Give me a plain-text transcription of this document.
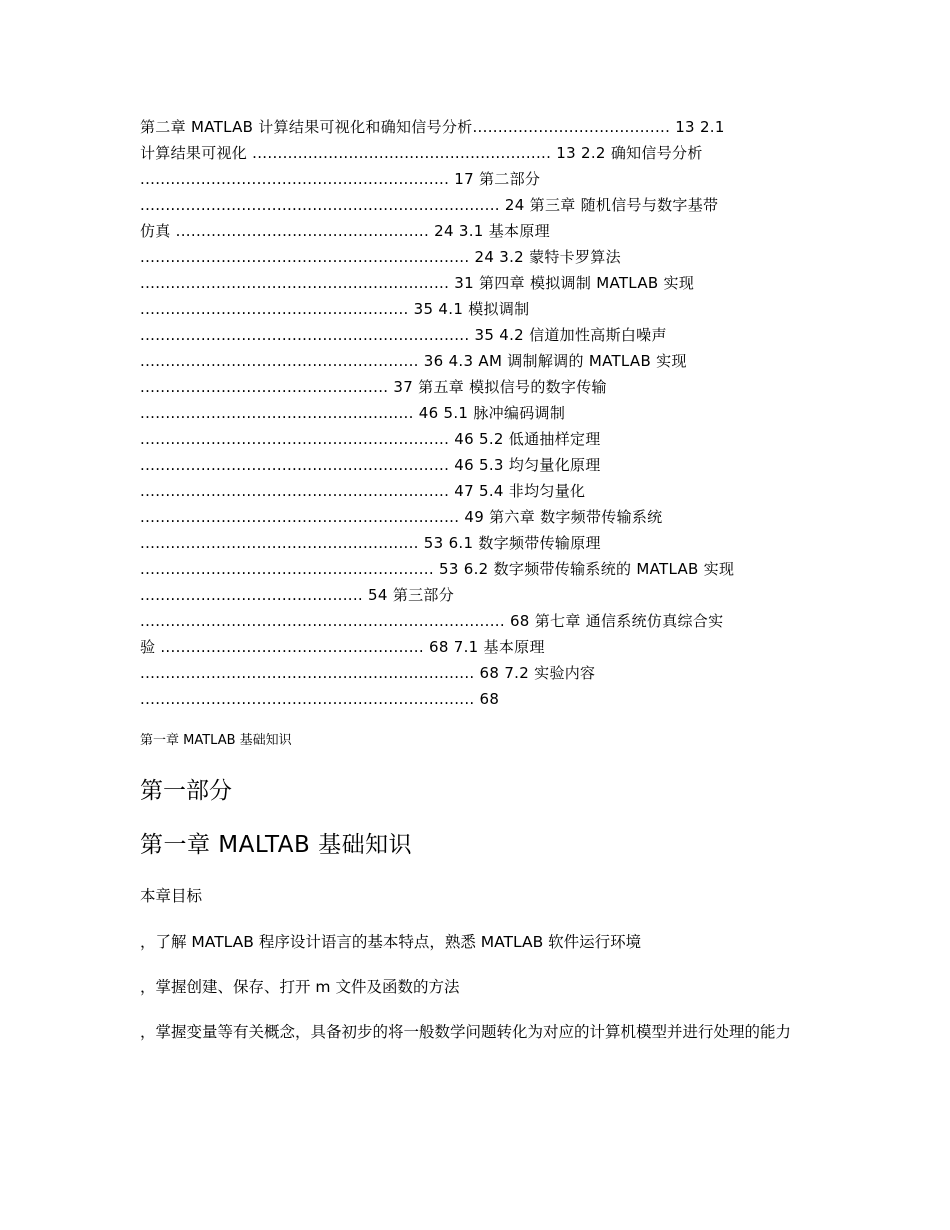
第二章 MATLAB 计算结果可视化和确知信号分析....................................... 13 2.1
计算结果可视化 ........................................................... 13 2.2 确知信号分析
............................................................. 17 第二部分
....................................................................... 24 第三章 随机信号与数字基带
仿真 .................................................. 24 3.1 基本原理
................................................................. 24 3.2 蒙特卡罗算法
............................................................. 31 第四章 模拟调制 MATLAB 实现
..................................................... 35 4.1 模拟调制
................................................................. 35 4.2 信道加性高斯白噪声
....................................................... 36 4.3 AM 调制解调的 MATLAB 实现
................................................. 37 第五章 模拟信号的数字传输
...................................................... 46 5.1 脉冲编码调制
............................................................. 46 5.2 低通抽样定理
............................................................. 46 5.3 均匀量化原理
............................................................. 47 5.4 非均匀量化
............................................................... 49 第六章 数字频带传输系统
....................................................... 53 6.1 数字频带传输原理
.......................................................... 53 6.2 数字频带传输系统的 MATLAB 实现
............................................ 54 第三部分
........................................................................ 68 第七章 通信系统仿真综合实
验 .................................................... 68 7.1 基本原理
.................................................................. 68 7.2 实验内容
.................................................................. 68
第一章 MATLAB 基础知识
第一部分
第一章 MALTAB 基础知识
本章目标
，了解 MATLAB 程序设计语言的基本特点，熟悉 MATLAB 软件运行环境
，掌握创建、保存、打开 m 文件及函数的方法
，掌握变量等有关概念，具备初步的将一般数学问题转化为对应的计算机模型并进行处理的能力
